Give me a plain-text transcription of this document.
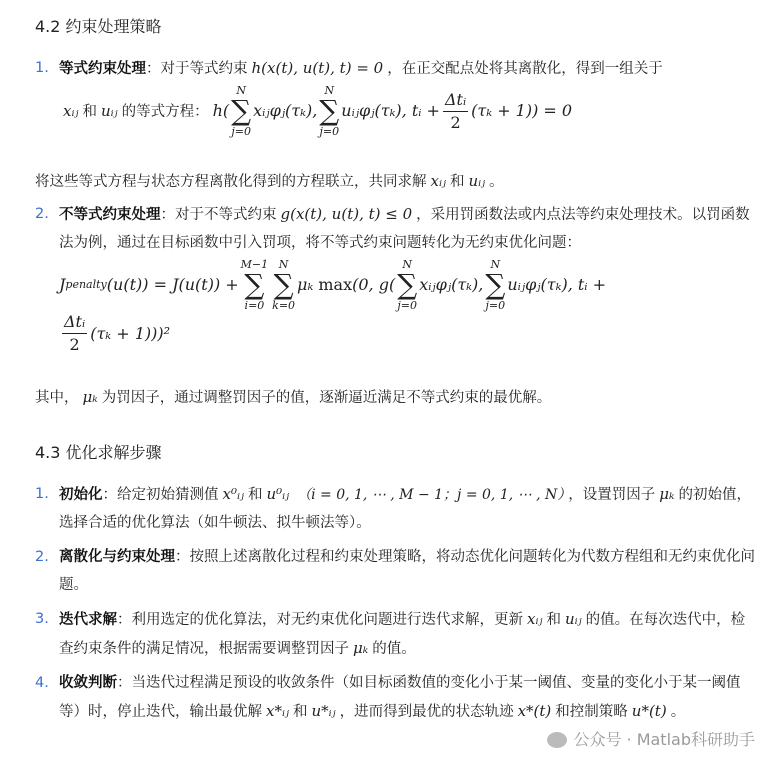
4.2 约束处理策略
1. 等式约束处理：对于等式约束 h(x(t), u(t), t) = 0 ，在正交配点处将其离散化，得到一组关于
xᵢⱼ 和 uᵢⱼ 的等式方程： h(
N
∑
j=0
xᵢⱼφⱼ(τₖ),
N
∑
j=0
uᵢⱼφⱼ(τₖ), tᵢ + $\frac{\text{Δtᵢ}}{2} (\tau_k + 1)) = 0$
将这些等式方程与状态方程离散化得到的方程联立，共同求解 xᵢⱼ 和 uᵢⱼ 。
2. 不等式约束处理：对于不等式约束 g(x(t), u(t), t) ≤ 0 ，采用罚函数法或内点法等约束处理技术。以罚函数法为例，通过在目标函数中引入罚项，将不等式约束问题转化为无约束优化问题：
J penalty (u(t)) = J(u(t)) +
M−1
∑
i=0
N
∑
k=0
μₖ
max (0, g(
N
∑
j=0
xᵢⱼφⱼ(τₖ),
N
∑
j=0
uᵢⱼφⱼ(τₖ), tᵢ +
$\frac{\text{Δtᵢ}}{2} (\tau_k + 1)))^2$
其中， μₖ 为罚因子，通过调整罚因子的值，逐渐逼近满足不等式约束的最优解。
4.3 优化求解步骤
1. 初始化：给定初始猜测值 x⁰ᵢⱼ 和 u⁰ᵢⱼ （i = 0, 1, ⋯ , M − 1；j = 0, 1, ⋯ , N） ，设置罚因子 μₖ 的初始值，选择合适的优化算法（如牛顿法、拟牛顿法等）。
2. 离散化与约束处理：按照上述离散化过程和约束处理策略，将动态优化问题转化为代数方程组和无约束优化问题。
3. 迭代求解：利用选定的优化算法，对无约束优化问题进行迭代求解，更新 xᵢⱼ 和 uᵢⱼ 的值。在每次迭代中，检查约束条件的满足情况，根据需要调整罚因子 μₖ 的值。
4. 收敛判断：当迭代过程满足预设的收敛条件（如目标函数值的变化小于某一阈值、变量的变化小于某一阈值等）时，停止迭代，输出最优解 x*ᵢⱼ 和 u*ᵢⱼ ，进而得到最优的状态轨迹 x*(t) 和控制策略 u*(t) 。
公众号 · Matlab科研助手
